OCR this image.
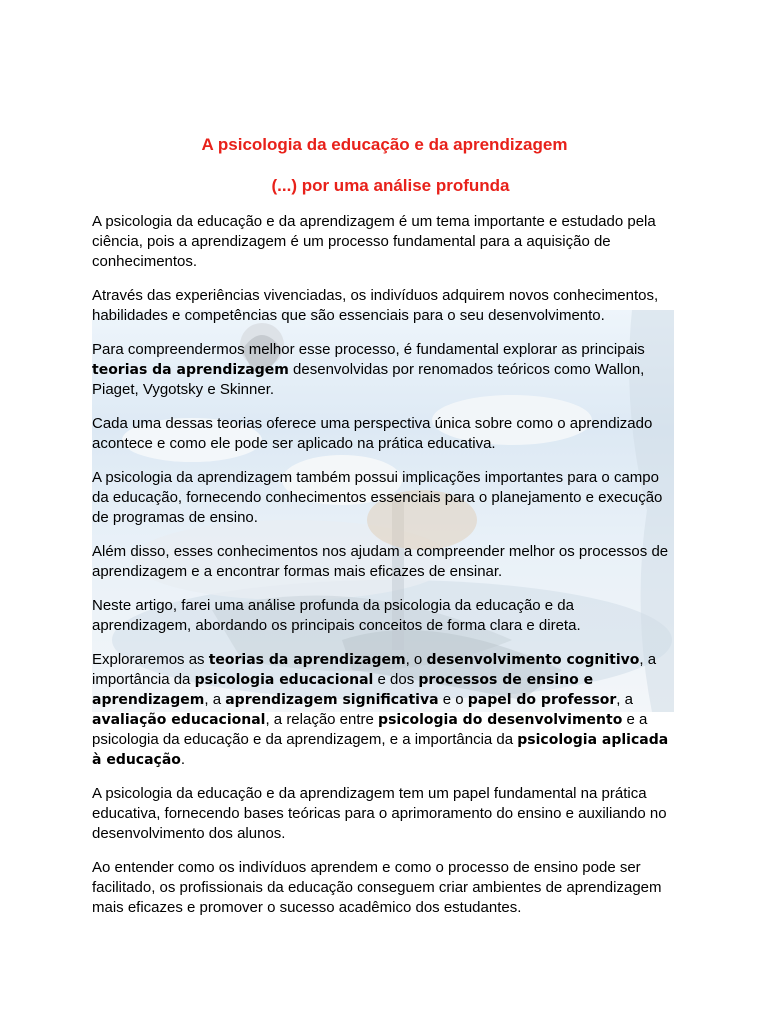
A psicologia da educação e da aprendizagem
(...) por uma análise profunda

A psicologia da educação e da aprendizagem é um tema importante e estudado pela ciência, pois a aprendizagem é um processo fundamental para a aquisição de conhecimentos.

Através das experiências vivenciadas, os indivíduos adquirem novos conhecimentos, habilidades e competências que são essenciais para o seu desenvolvimento.

Para compreendermos melhor esse processo, é fundamental explorar as principais teorias da aprendizagem desenvolvidas por renomados teóricos como Wallon, Piaget, Vygotsky e Skinner.

Cada uma dessas teorias oferece uma perspectiva única sobre como o aprendizado acontece e como ele pode ser aplicado na prática educativa.

A psicologia da aprendizagem também possui implicações importantes para o campo da educação, fornecendo conhecimentos essenciais para o planejamento e execução de programas de ensino.

Além disso, esses conhecimentos nos ajudam a compreender melhor os processos de aprendizagem e a encontrar formas mais eficazes de ensinar.

Neste artigo, farei uma análise profunda da psicologia da educação e da aprendizagem, abordando os principais conceitos de forma clara e direta.

Exploraremos as teorias da aprendizagem, o desenvolvimento cognitivo, a importância da psicologia educacional e dos processos de ensino e aprendizagem, a aprendizagem significativa e o papel do professor, a avaliação educacional, a relação entre psicologia do desenvolvimento e a psicologia da educação e da aprendizagem, e a importância da psicologia aplicada à educação.

A psicologia da educação e da aprendizagem tem um papel fundamental na prática educativa, fornecendo bases teóricas para o aprimoramento do ensino e auxiliando no desenvolvimento dos alunos.

Ao entender como os indivíduos aprendem e como o processo de ensino pode ser facilitado, os profissionais da educação conseguem criar ambientes de aprendizagem mais eficazes e promover o sucesso acadêmico dos estudantes.
